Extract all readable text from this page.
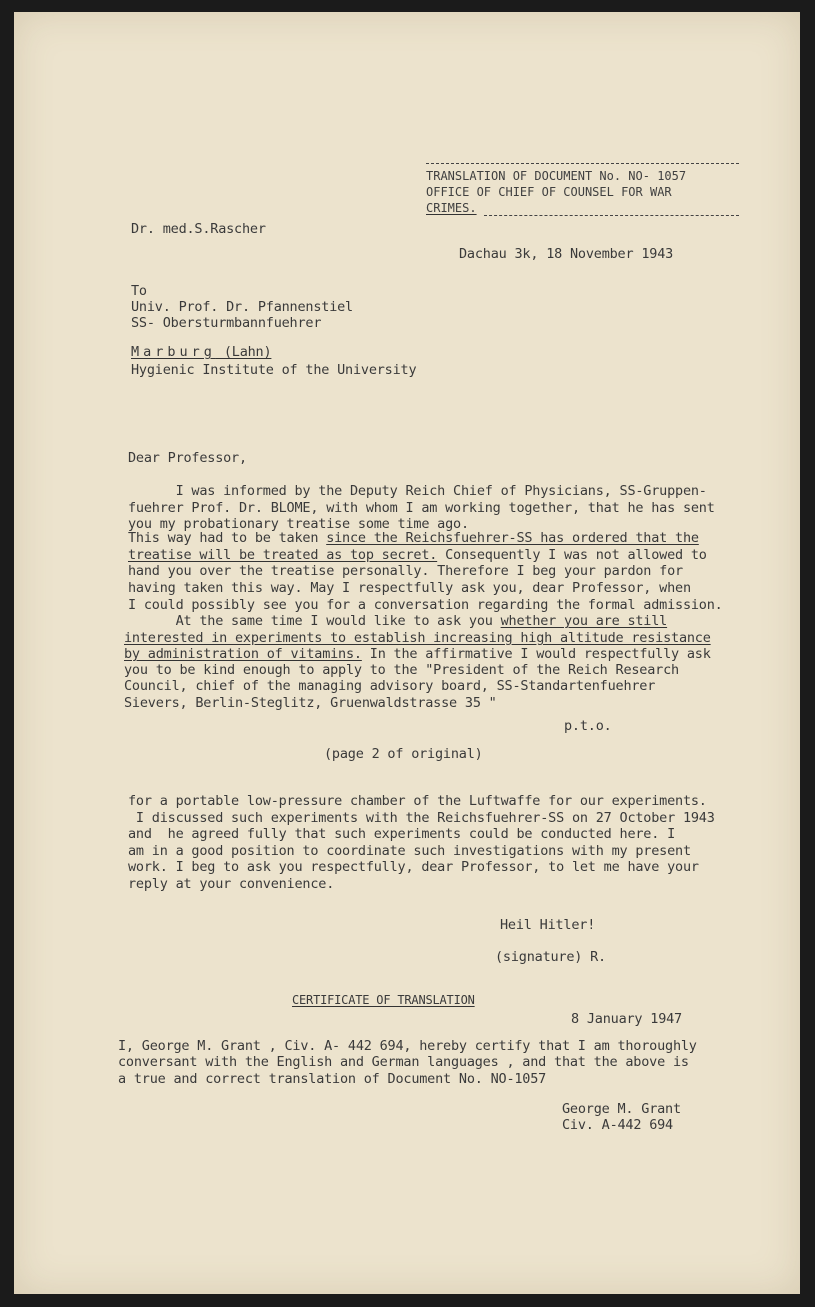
TRANSLATION OF DOCUMENT No. NO- 1057
OFFICE OF CHIEF OF COUNSEL FOR WAR
CRIMES.
Dr. med.S.Rascher
Dachau 3k, 18 November 1943
To
Univ. Prof. Dr. Pfannenstiel
SS- Obersturmbannfuehrer
Marburg (Lahn)
Hygienic Institute of the University
Dear Professor,
I was informed by the Deputy Reich Chief of Physicians, SS-Gruppen-
fuehrer Prof. Dr. BLOME, with whom I am working together, that he has sent
you my probationary treatise some time ago.
This way had to be taken since the Reichsfuehrer-SS has ordered that the
treatise will be treated as top secret. Consequently I was not allowed to
hand you over the treatise personally. Therefore I beg your pardon for
having taken this way. May I respectfully ask you, dear Professor, when
I could possibly see you for a conversation regarding the formal admission.
At the same time I would like to ask you whether you are still
interested in experiments to establish increasing high altitude resistance
by administration of vitamins. In the affirmative I would respectfully ask
you to be kind enough to apply to the "President of the Reich Research
Council, chief of the managing advisory board, SS-Standartenfuehrer
Sievers, Berlin-Steglitz, Gruenwaldstrasse 35 "
p.t.o.
(page 2 of original)
for a portable low-pressure chamber of the Luftwaffe for our experiments.
I discussed such experiments with the Reichsfuehrer-SS on 27 October 1943
and  he agreed fully that such experiments could be conducted here. I
am in a good position to coordinate such investigations with my present
work. I beg to ask you respectfully, dear Professor, to let me have your
reply at your convenience.
Heil Hitler!
(signature) R.
CERTIFICATE OF TRANSLATION
8 January 1947
I, George M. Grant , Civ. A- 442 694, hereby certify that I am thoroughly
conversant with the English and German languages , and that the above is
a true and correct translation of Document No. NO-1057
George M. Grant
Civ. A-442 694
